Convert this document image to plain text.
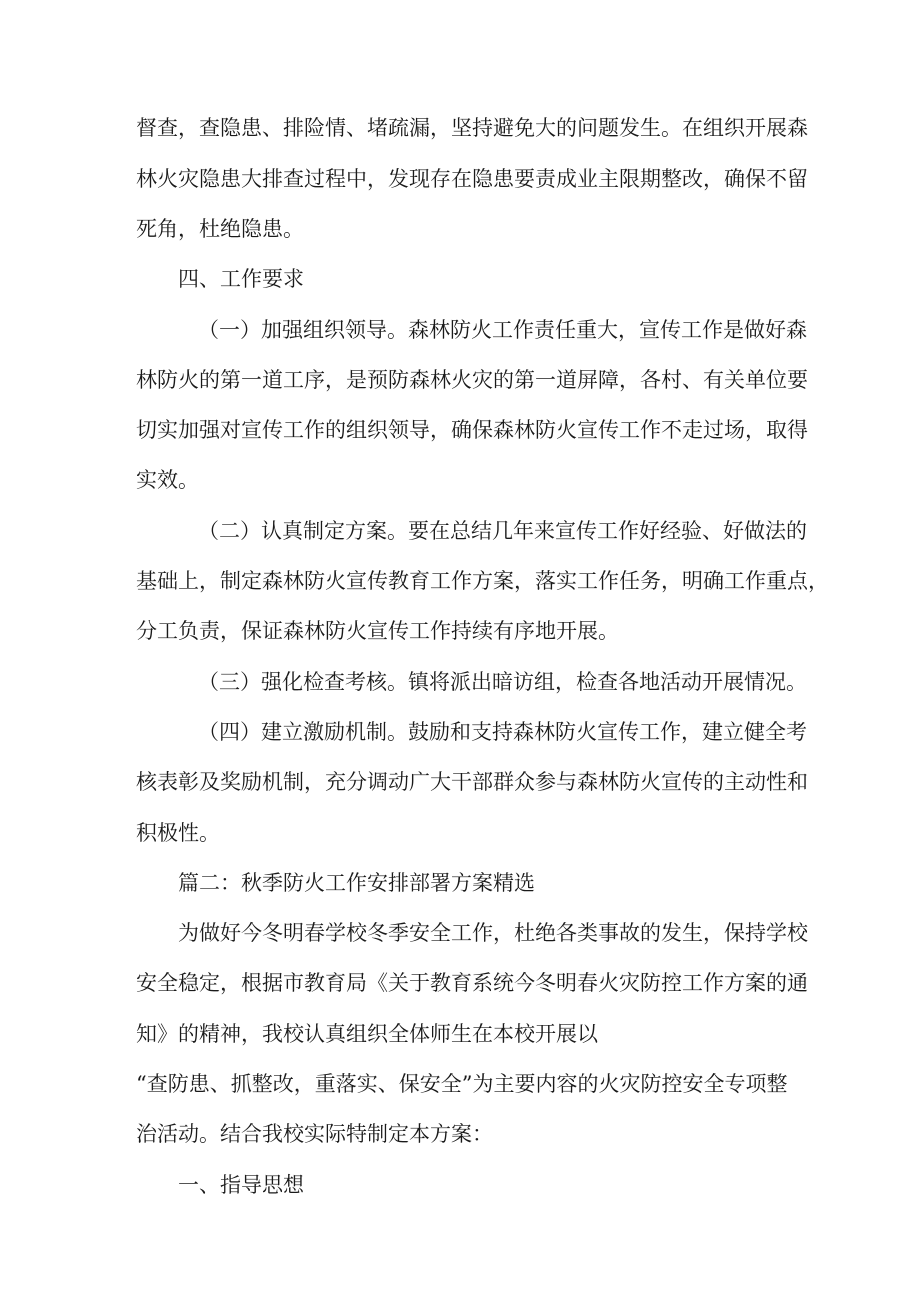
督查，查隐患、排险情、堵疏漏，坚持避免大的问题发生。在组织开展森

林火灾隐患大排查过程中，发现存在隐患要责成业主限期整改，确保不留

死角，杜绝隐患。

四、工作要求

（一）加强组织领导。森林防火工作责任重大，宣传工作是做好森

林防火的第一道工序，是预防森林火灾的第一道屏障，各村、有关单位要

切实加强对宣传工作的组织领导，确保森林防火宣传工作不走过场，取得

实效。

（二）认真制定方案。要在总结几年来宣传工作好经验、好做法的

基础上，制定森林防火宣传教育工作方案，落实工作任务，明确工作重点，

分工负责，保证森林防火宣传工作持续有序地开展。

（三）强化检查考核。镇将派出暗访组，检查各地活动开展情况。

（四）建立激励机制。鼓励和支持森林防火宣传工作，建立健全考

核表彰及奖励机制，充分调动广大干部群众参与森林防火宣传的主动性和

积极性。

篇二：秋季防火工作安排部署方案精选

为做好今冬明春学校冬季安全工作，杜绝各类事故的发生，保持学校

安全稳定，根据市教育局《关于教育系统今冬明春火灾防控工作方案的通

知》的精神，我校认真组织全体师生在本校开展以

“查防患、抓整改，重落实、保安全”为主要内容的火灾防控安全专项整

治活动。结合我校实际特制定本方案：

一、指导思想
